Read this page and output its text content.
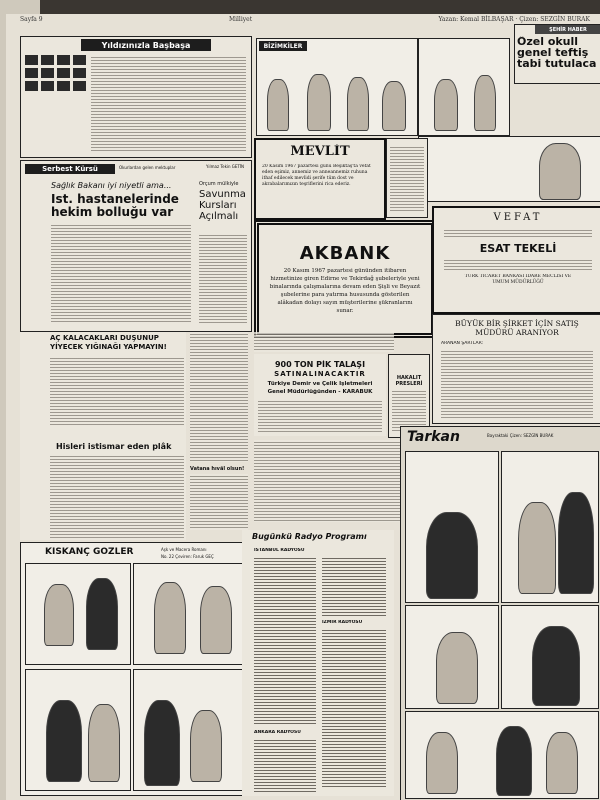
Sayfa 9	Milliyet	Yazan: Kemal BİLBAŞAR · Çizen: SEZGİN BURAK
Yıldızınızla Başbaşa	BİZİMKİLER
ŞEHİR HABER
Özel okull
genel teftiş
tabi tutulaca
Serbest Kürsü	Okurlardan gelen mektuplar	Yılmaz Tekin GETİN
Sağlık Bakanı iyi niyetli ama...
İst. hastanelerinde hekim bolluğu var
Orçum mülkiyle
Savunma Kursları Açılmalı
AÇ KALACAKLARI DÜŞÜNÜP YİYECEK YIĞINAĞI YAPMAYIN!
Hisleri istismar eden plâk
Vatana hıvâl olsun!
KISKANÇ GÖZLER	Aşk ve Macera Romanı
No. 22 Çeviren: Faruk GEÇ
MEVLİT
20 Kasım 1967 pazartesi günü Beşiktaş'ta vefat eden eşimiz, annemiz ve anneannemiz ruhuna ithaf edilecek mevlidi şerife tüm dost ve akrabalarımızın teşriflerini rica ederiz.
AKBANK
20 Kasım 1967 pazartesi gününden itibaren hizmetinize giren Edirne ve Tekirdağ şubeleriyle yeni binalarında çalışmalarına devam eden Şişli ve Beyazıt şubelerine para yatırma hususunda gösterilen alâkadan dolayı sayın müşterilerine şükranlarını sunar.
900 TON PİK TALAŞI
SATINALINACAKTIR
Türkiye Demir ve Çelik İşletmeleri
Genel Müdürlüğünden - KARABÜK
HAKALİT PRESLERİ
Bugünkü Radyo Programı
İSTANBUL RADYOSU
İZMİR RADYOSU
ANKARA RADYOSU
VEFAT
ESAT TEKELİ
TÜRK TİCARET BANKASI İDARE MECLİSİ VE UMUM MÜDÜRLÜĞÜ
BÜYÜK BİR ŞİRKET İÇİN SATIŞ MÜDÜRÜ ARANIYOR
ARANAN ŞARTLAR:
Tarkan	Bayraktaki Çizen: SEZGİN BURAK
